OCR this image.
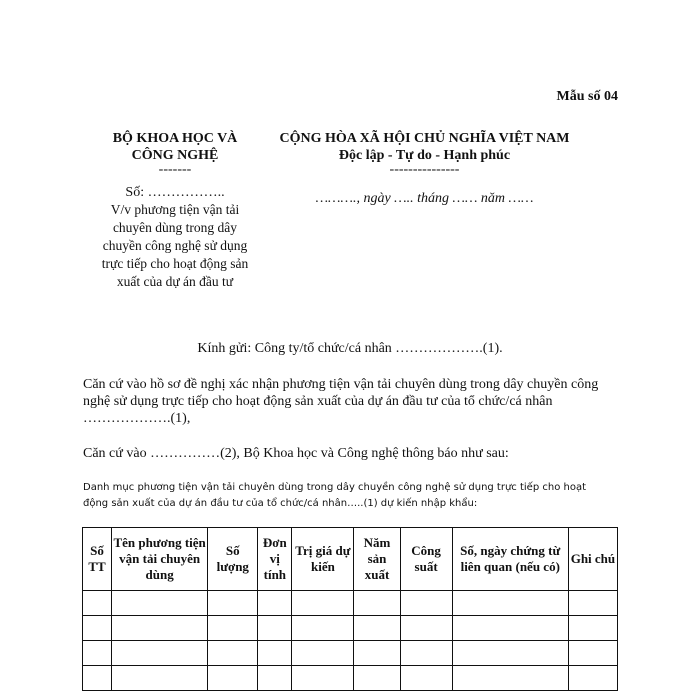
Mẫu số 04
BỘ KHOA HỌC VÀ
CÔNG NGHỆ
-------
Số: ……………..
V/v phương tiện vận tải
chuyên dùng trong dây
chuyền công nghệ sử dụng
trực tiếp cho hoạt động sản
xuất của dự án đầu tư
CỘNG HÒA XÃ HỘI CHỦ NGHĨA VIỆT NAM
Độc lập - Tự do - Hạnh phúc
---------------
………., ngày ….. tháng …… năm ……
Kính gửi: Công ty/tổ chức/cá nhân ……………….(1).
Căn cứ vào hồ sơ đề nghị xác nhận phương tiện vận tải chuyên dùng trong dây chuyền công nghệ sử dụng trực tiếp cho hoạt động sản xuất của dự án đầu tư của tổ chức/cá nhân ……………….(1),
Căn cứ vào ……………(2), Bộ Khoa học và Công nghệ thông báo như sau:
Danh mục phương tiện vận tải chuyên dùng trong dây chuyền công nghệ sử dụng trực tiếp cho hoạt động sản xuất của dự án đầu tư của tổ chức/cá nhân…..(1) dự kiến nhập khẩu:
Số TT	Tên phương tiện vận tải chuyên dùng	Số lượng	Đơn vị tính	Trị giá dự kiến	Năm sản xuất	Công suất	Số, ngày chứng từ liên quan (nếu có)	Ghi chú
